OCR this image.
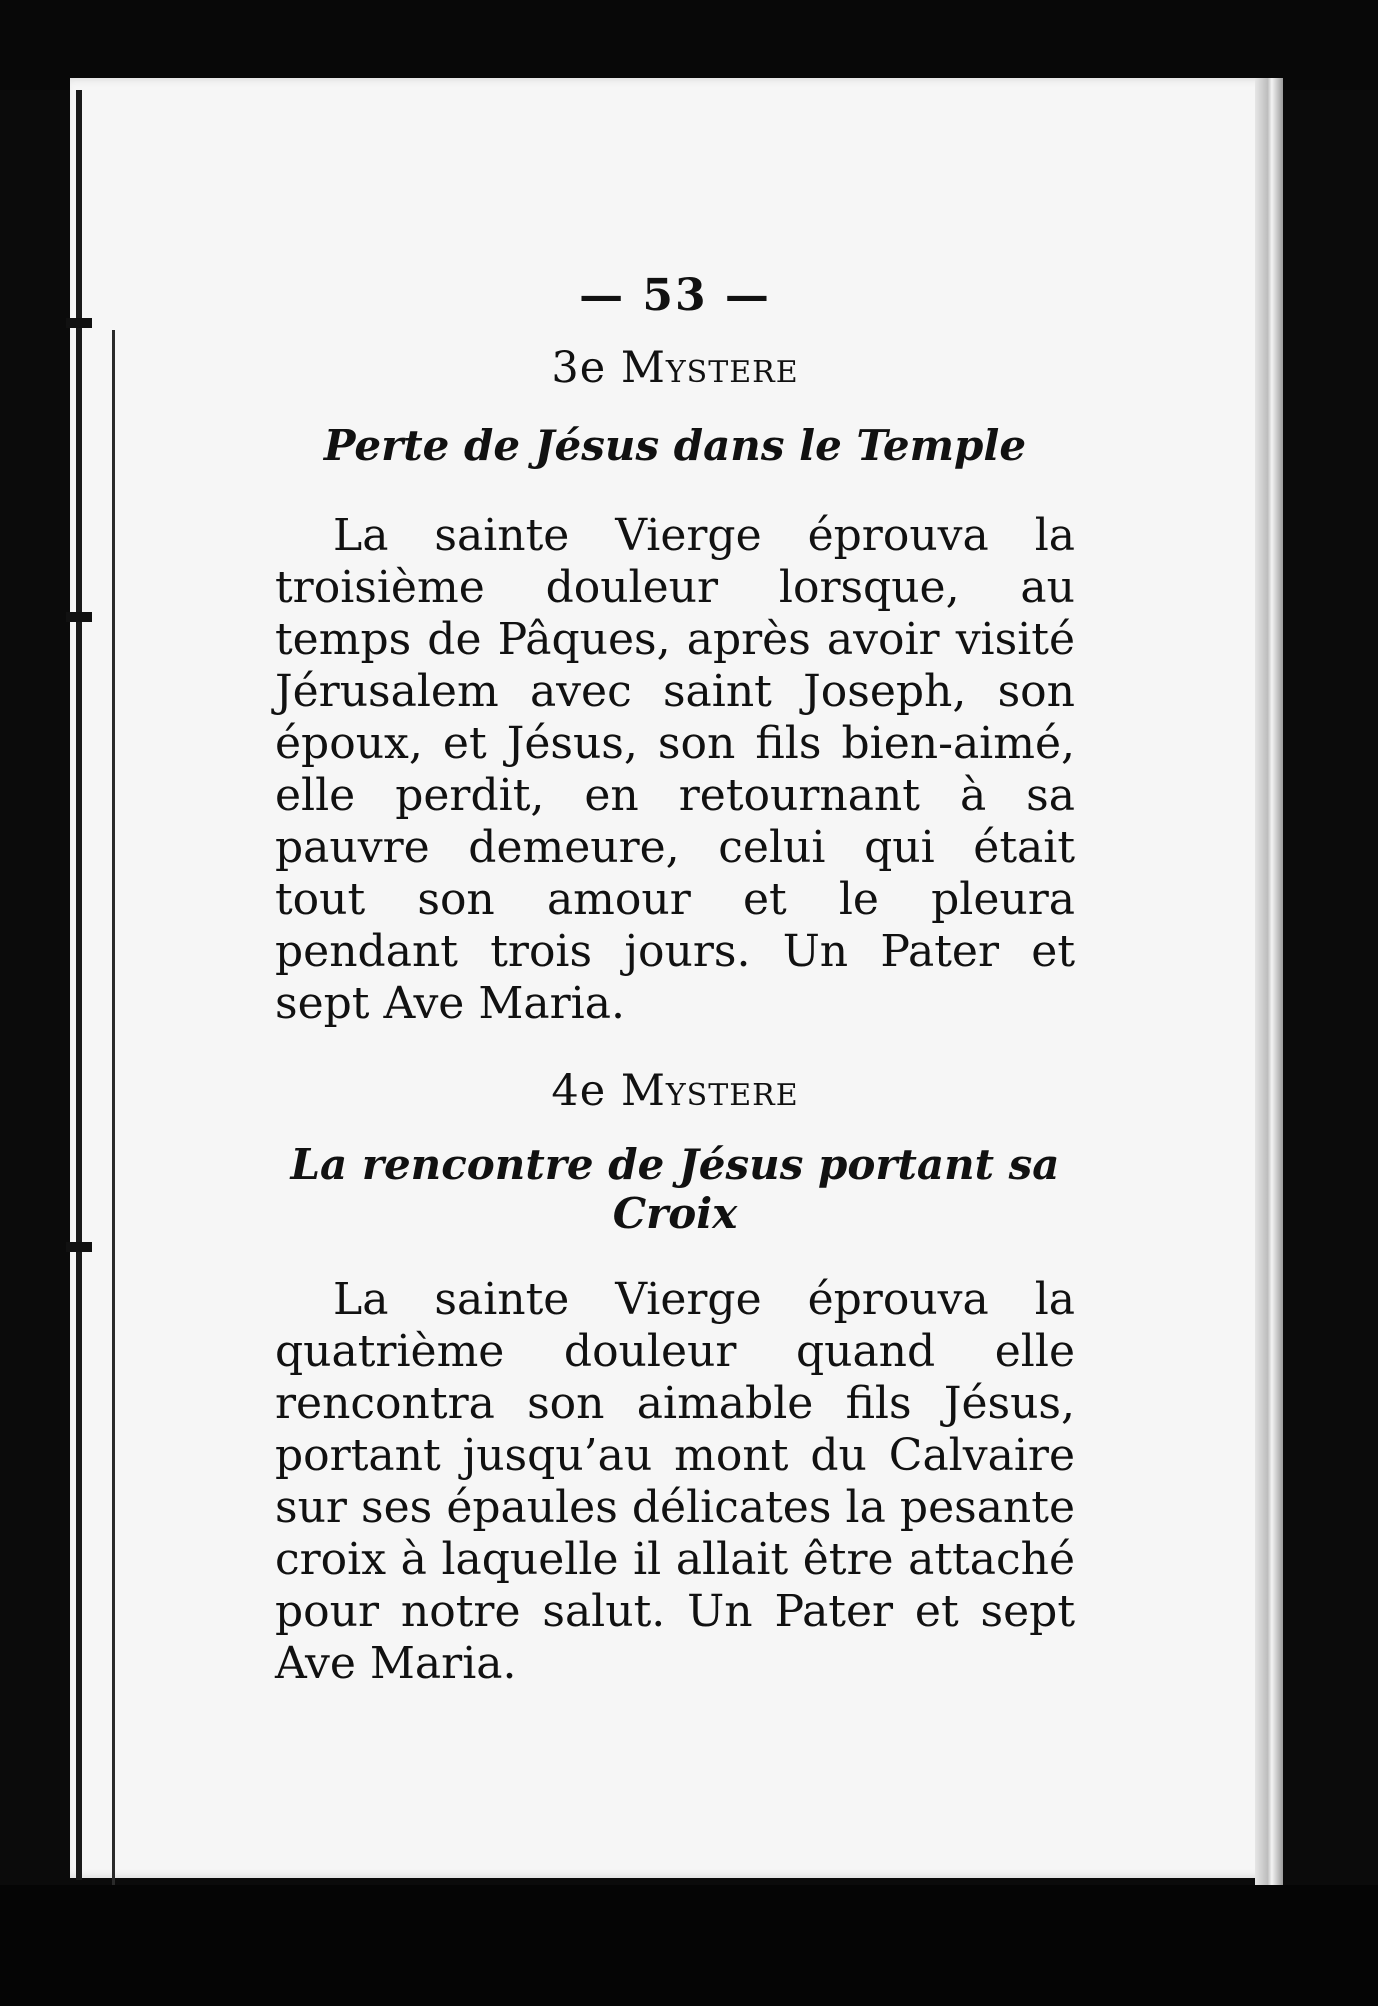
— 53 —
3e Mystere
Perte de Jésus dans le Temple

La sainte Vierge éprouva la troisième douleur lorsque, au temps de Pâques, après avoir visité Jérusalem avec saint Joseph, son époux, et Jésus, son fils bien-aimé, elle perdit, en retournant à sa pauvre demeure, celui qui était tout son amour et le pleura pendant trois jours. Un Pater et sept Ave Maria.

4e Mystere
La rencontre de Jésus portant sa Croix

La sainte Vierge éprouva la quatrième douleur quand elle rencontra son aimable fils Jésus, portant jusqu’au mont du Calvaire sur ses épaules délicates la pesante croix à laquelle il allait être attaché pour notre salut. Un Pater et sept Ave Maria.
